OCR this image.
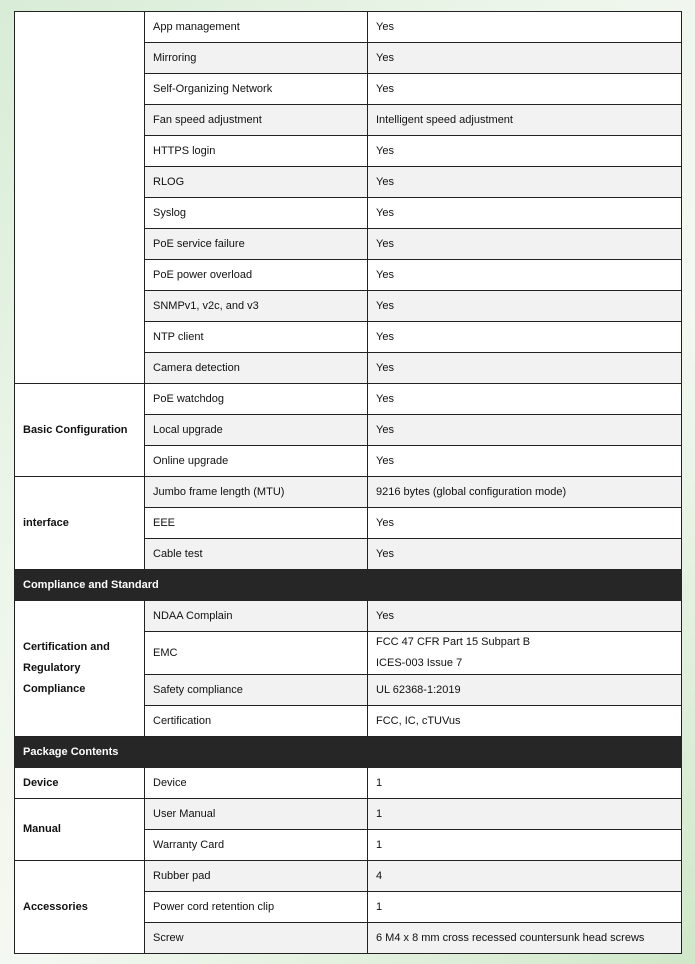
	App management	Yes
	Mirroring	Yes
	Self-Organizing Network	Yes
	Fan speed adjustment	Intelligent speed adjustment
	HTTPS login	Yes
	RLOG	Yes
	Syslog	Yes
	PoE service failure	Yes
	PoE power overload	Yes
	SNMPv1, v2c, and v3	Yes
	NTP client	Yes
	Camera detection	Yes
Basic Configuration	PoE watchdog	Yes
	Local upgrade	Yes
	Online upgrade	Yes
interface	Jumbo frame length (MTU)	9216 bytes (global configuration mode)
	EEE	Yes
	Cable test	Yes
Compliance and Standard		

Certification and
Regulatory
Compliance	NDAA Complain	Yes
	EMC	FCC 47 CFR Part 15 Subpart B
ICES-003 Issue 7

	Safety compliance	UL 62368-1:2019
	Certification	FCC, IC, cTUVus
Package Contents		
Device	Device	1
Manual	User Manual	1
	Warranty Card	1
Accessories	Rubber pad	4
	Power cord retention clip	1
	Screw	6 M4 x 8 mm cross recessed countersunk head screws
